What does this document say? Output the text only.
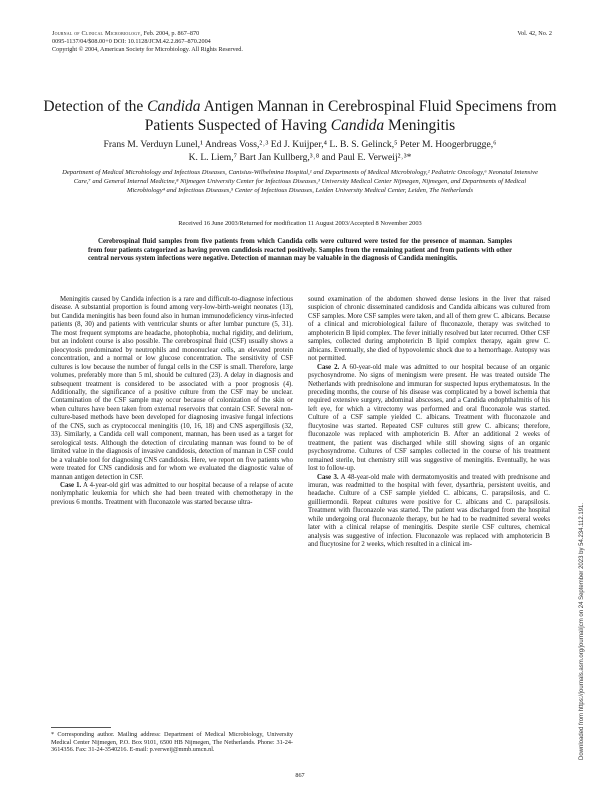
Journal of Clinical Microbiology, Feb. 2004, p. 867–870
0095-1137/04/$08.00+0 DOI: 10.1128/JCM.42.2.867–870.2004
Copyright © 2004, American Society for Microbiology. All Rights Reserved.
Vol. 42, No. 2
Detection of the Candida Antigen Mannan in Cerebrospinal Fluid Specimens from Patients Suspected of Having Candida Meningitis
Frans M. Verduyn Lunel,¹ Andreas Voss,²˒³ Ed J. Kuijper,⁴ L. B. S. Gelinck,⁵ Peter M. Hoogerbrugge,⁶
K. L. Liem,⁷ Bart Jan Kullberg,³˒⁸ and Paul E. Verweij²˒³*
Department of Medical Microbiology and Infectious Diseases, Canisius-Wilhelmina Hospital,¹ and Departments of Medical Microbiology,² Pediatric Oncology,⁶ Neonatal Intensive Care,⁷ and General Internal Medicine,⁸ Nijmegen University Center for Infectious Diseases,³ University Medical Center Nijmegen, Nijmegen, and Departments of Medical Microbiology⁴ and Infectious Diseases,⁵ Center of Infectious Diseases, Leiden University Medical Center, Leiden, The Netherlands
Received 16 June 2003/Returned for modification 11 August 2003/Accepted 8 November 2003
Cerebrospinal fluid samples from five patients from which Candida cells were cultured were tested for the presence of mannan. Samples from four patients categorized as having proven candidosis reacted positively. Samples from the remaining patient and from patients with other central nervous system infections were negative. Detection of mannan may be valuable in the diagnosis of Candida meningitis.

Meningitis caused by Candida infection is a rare and difficult-to-diagnose infectious disease. A substantial proportion is found among very-low-birth-weight neonates (13), but Candida meningitis has been found also in human immunodeficiency virus-infected patients (8, 30) and patients with ventricular shunts or after lumbar puncture (5, 31). The most frequent symptoms are headache, photophobia, nuchal rigidity, and delirium, but an indolent course is also possible. The cerebrospinal fluid (CSF) usually shows a pleocytosis predominated by neutrophils and mononuclear cells, an elevated protein concentration, and a normal or low glucose concentration. The sensitivity of CSF cultures is low because the number of fungal cells in the CSF is small. Therefore, large volumes, preferably more than 5 ml, should be cultured (23). A delay in diagnosis and subsequent treatment is considered to be associated with a poor prognosis (4). Additionally, the significance of a positive culture from the CSF may be unclear. Contamination of the CSF sample may occur because of colonization of the skin or when cultures have been taken from external reservoirs that contain CSF. Several non-culture-based methods have been developed for diagnosing invasive fungal infections of the CNS, such as cryptococcal meningitis (10, 16, 18) and CNS aspergillosis (32, 33). Similarly, a Candida cell wall component, mannan, has been used as a target for serological tests. Although the detection of circulating mannan was found to be of limited value in the diagnosis of invasive candidosis, detection of mannan in CSF could be a valuable tool for diagnosing CNS candidosis. Here, we report on five patients who were treated for CNS candidosis and for whom we evaluated the diagnostic value of mannan antigen detection in CSF.

Case 1. A 4-year-old girl was admitted to our hospital because of a relapse of acute nonlymphatic leukemia for which she had been treated with chemotherapy in the previous 6 months. Treatment with fluconazole was started because ultra-

sound examination of the abdomen showed dense lesions in the liver that raised suspicion of chronic disseminated candidosis and Candida albicans was cultured from CSF samples. More CSF samples were taken, and all of them grew C. albicans. Because of a clinical and microbiological failure of fluconazole, therapy was switched to amphotericin B lipid complex. The fever initially resolved but later recurred. Other CSF samples, collected during amphotericin B lipid complex therapy, again grew C. albicans. Eventually, she died of hypovolemic shock due to a hemorrhage. Autopsy was not permitted.

Case 2. A 60-year-old male was admitted to our hospital because of an organic psychosyndrome. No signs of meningism were present. He was treated outside The Netherlands with prednisolone and immuran for suspected lupus erythematosus. In the preceding months, the course of his disease was complicated by a bowel ischemia that required extensive surgery, abdominal abscesses, and a Candida endophthalmitis of his left eye, for which a vitrectomy was performed and oral fluconazole was started. Culture of a CSF sample yielded C. albicans. Treatment with fluconazole and flucytosine was started. Repeated CSF cultures still grew C. albicans; therefore, fluconazole was replaced with amphotericin B. After an additional 2 weeks of treatment, the patient was discharged while still showing signs of an organic psychosyndrome. Cultures of CSF samples collected in the course of his treatment remained sterile, but chemistry still was suggestive of meningitis. Eventually, he was lost to follow-up.

Case 3. A 48-year-old male with dermatomyositis and treated with prednisone and imuran, was readmitted to the hospital with fever, dysarthria, persistent uveitis, and headache. Culture of a CSF sample yielded C. albicans, C. parapsilosis, and C. guilliermondii. Repeat cultures were positive for C. albicans and C. parapsilosis. Treatment with fluconazole was started. The patient was discharged from the hospital while undergoing oral fluconazole therapy, but he had to be readmitted several weeks later with a clinical relapse of meningitis. Despite sterile CSF cultures, chemical analysis was suggestive of infection. Fluconazole was replaced with amphotericin B and flucytosine for 2 weeks, which resulted in a clinical im-

* Corresponding author. Mailing address: Department of Medical Microbiology, University Medical Center Nijmegen, P.O. Box 9101, 6500 HB Nijmegen, The Netherlands. Phone: 31-24-3614356. Fax: 31-24-3540216. E-mail: p.verweij@mmb.umcn.nl.
867
Downloaded from https://journals.asm.org/journal/jcm on 24 September 2023 by 54.234.112.191.
